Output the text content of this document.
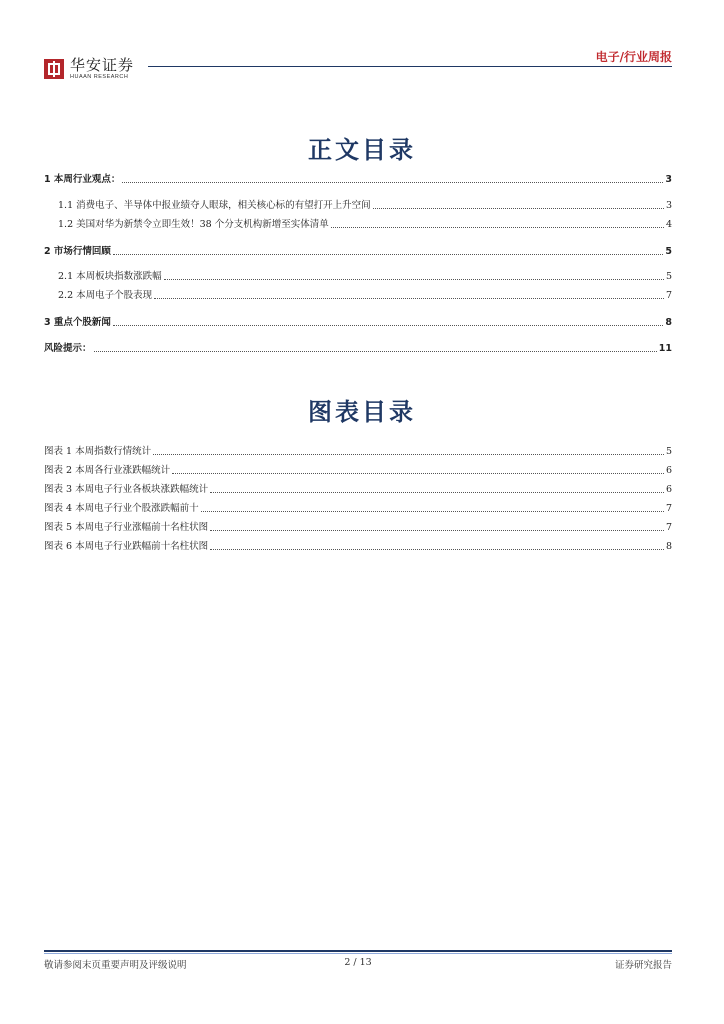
华安证券
HUAAN RESEARCH
电子/行业周报
正文目录
1 本周行业观点：	3
1.1 消费电子、半导体中报业绩夺人眼球，相关核心标的有望打开上升空间	3
1.2 美国对华为新禁令立即生效！38 个分支机构新增至实体清单	4
2 市场行情回顾	5
2.1 本周板块指数涨跌幅	5
2.2 本周电子个股表现	7
3 重点个股新闻	8
风险提示：	11
图表目录
图表 1 本周指数行情统计	5
图表 2 本周各行业涨跌幅统计	6
图表 3 本周电子行业各板块涨跌幅统计	6
图表 4 本周电子行业个股涨跌幅前十	7
图表 5 本周电子行业涨幅前十名柱状图	7
图表 6 本周电子行业跌幅前十名柱状图	8
敬请参阅末页重要声明及评级说明	2 / 13	证券研究报告
